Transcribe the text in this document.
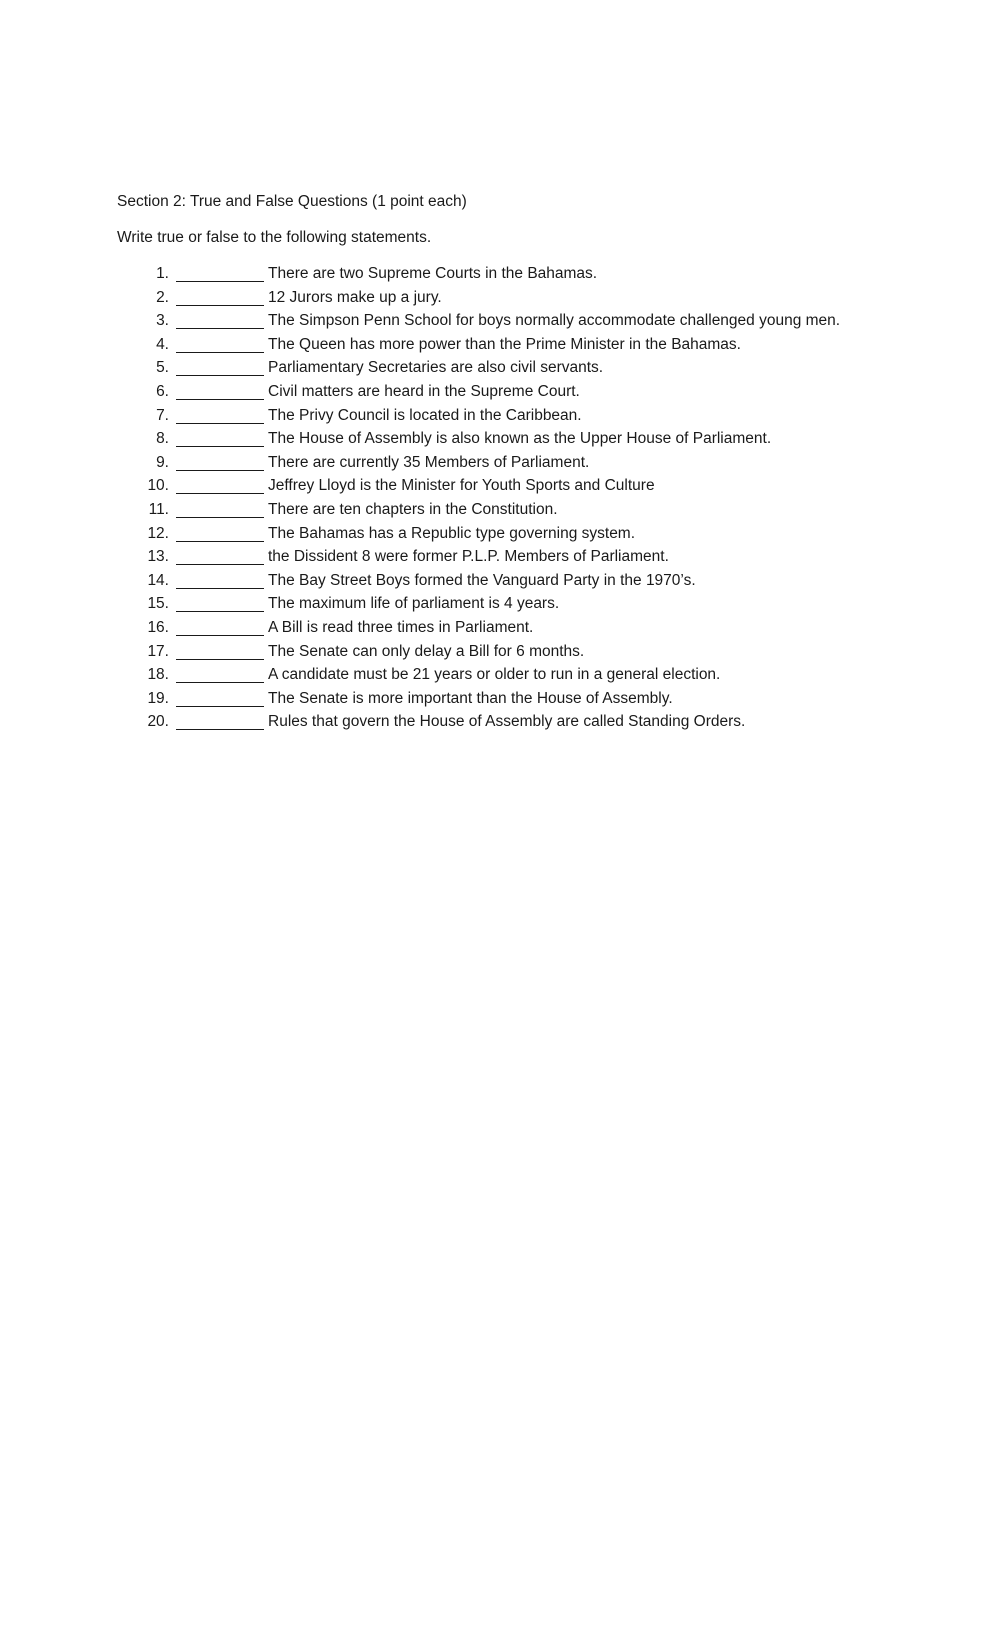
Section 2: True and False Questions (1 point each)
Write true or false to the following statements.
1.	There are two Supreme Courts in the Bahamas.
2.	12 Jurors make up a jury.
3.	The Simpson Penn School for boys normally accommodate challenged young men.
4.	The Queen has more power than the Prime Minister in the Bahamas.
5.	Parliamentary Secretaries are also civil servants.
6.	Civil matters are heard in the Supreme Court.
7.	The Privy Council is located in the Caribbean.
8.	The House of Assembly is also known as the Upper House of Parliament.
9.	There are currently 35 Members of Parliament.
10.	Jeffrey Lloyd is the Minister for Youth Sports and Culture
11.	There are ten chapters in the Constitution.
12.	The Bahamas has a Republic type governing system.
13.	the Dissident 8 were former P.L.P. Members of Parliament.
14.	The Bay Street Boys formed the Vanguard Party in the 1970’s.
15.	The maximum life of parliament is 4 years.
16.	A Bill is read three times in Parliament.
17.	The Senate can only delay a Bill for 6 months.
18.	A candidate must be 21 years or older to run in a general election.
19.	The Senate is more important than the House of Assembly.
20.	Rules that govern the House of Assembly are called Standing Orders.
